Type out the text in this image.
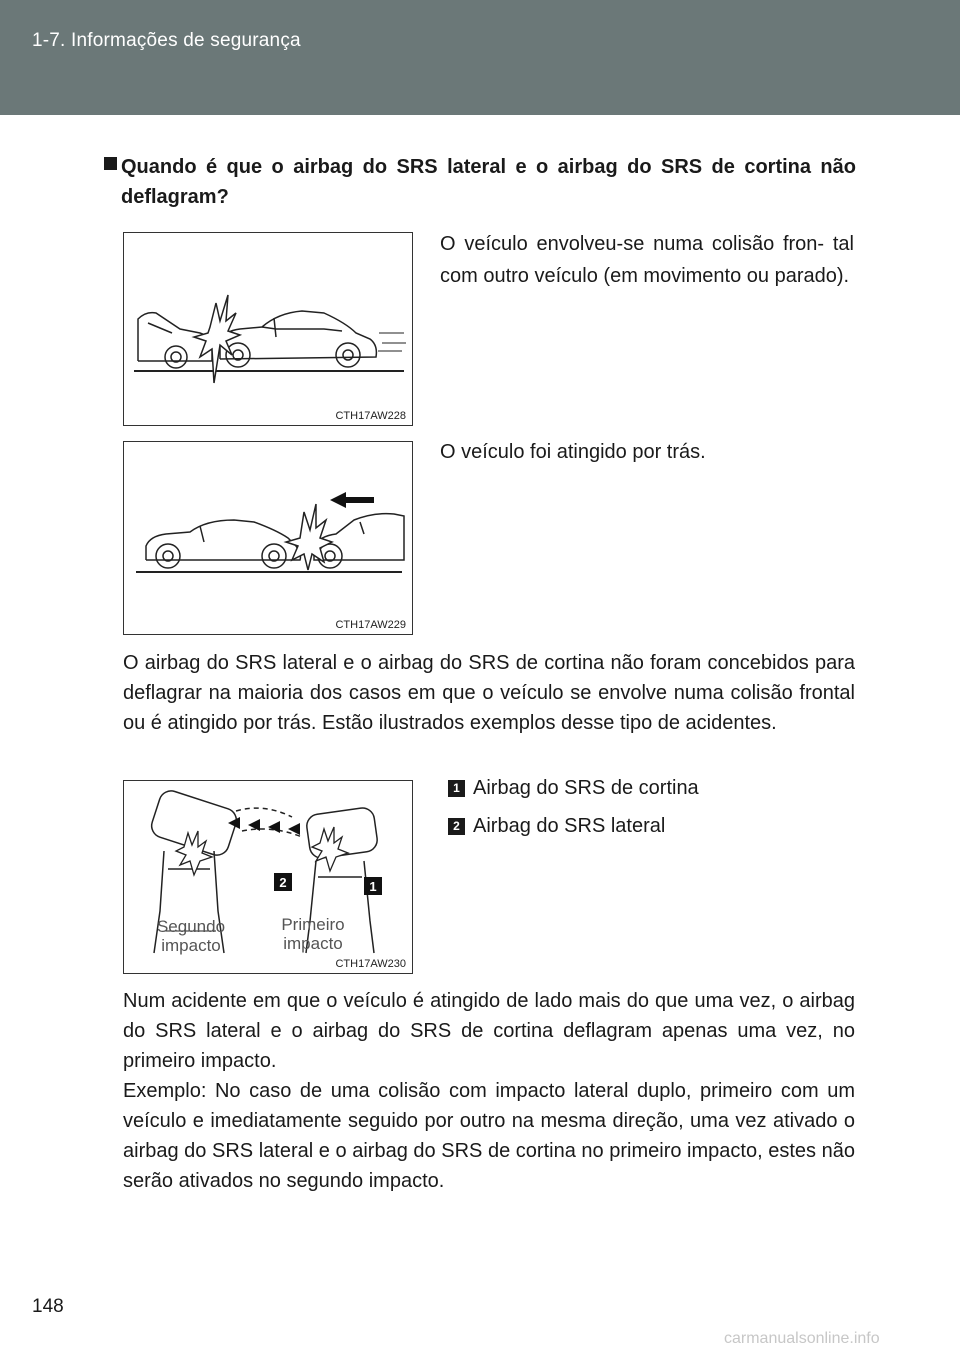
1-7. Informações de segurança
Quando é que o airbag do SRS lateral e o airbag do SRS de cortina não deflagram?
CTH17AW228
O veículo envolveu-se numa colisão fron- tal com outro veículo (em movimento ou parado).
CTH17AW229
O veículo foi atingido por trás.
O airbag do SRS lateral e o airbag do SRS de cortina não foram concebidos para deflagrar na maioria dos casos em que o veículo se envolve numa colisão frontal ou é atingido por trás. Estão ilustrados exemplos desse tipo de acidentes.
2	1
Segundo impacto
Primeiro impacto
CTH17AW230
1 Airbag do SRS de cortina
2 Airbag do SRS lateral
Num acidente em que o veículo é atingido de lado mais do que uma vez, o airbag do SRS lateral e o airbag do SRS de cortina deflagram apenas uma vez, no primeiro impacto.
Exemplo: No caso de uma colisão com impacto lateral duplo, primeiro com um veículo e imediatamente seguido por outro na mesma direção, uma vez ativado o airbag do SRS lateral e o airbag do SRS de cortina no primeiro impacto, estes não serão ativados no segundo impacto.
148
carmanualsonline.info
